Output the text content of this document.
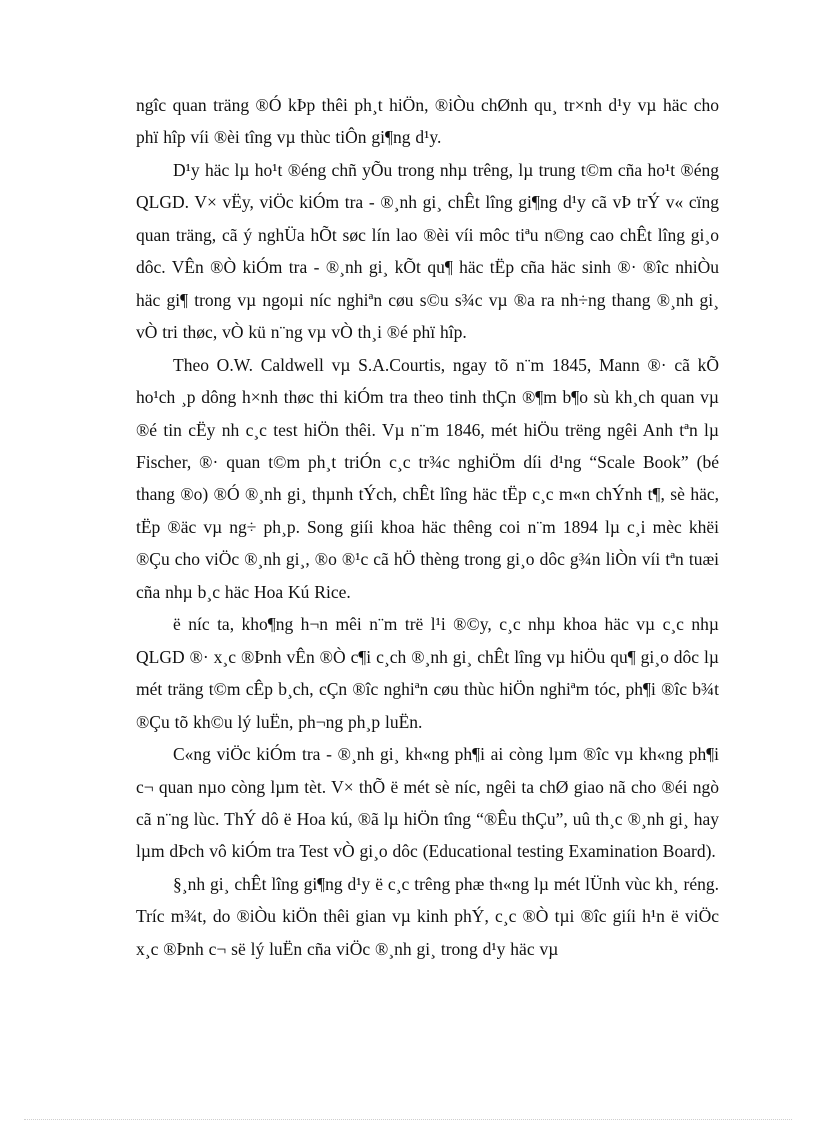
ngîc quan träng ®Ó kÞp thêi ph¸t hiÖn, ®iÒu chØnh qu¸ tr×nh d¹y vµ häc cho phï hîp víi ®èi tîng vµ thùc tiÔn gi¶ng d¹y.

D¹y häc lµ ho¹t ®éng chñ yÕu trong nhµ trêng, lµ trung t©m cña ho¹t ®éng QLGD. V× vËy, viÖc kiÓm tra - ®¸nh gi¸ chÊt lîng gi¶ng d¹y cã vÞ trÝ v« cïng quan träng, cã ý nghÜa hÕt søc lín lao ®èi víi môc tiªu n©ng cao chÊt lîng gi¸o dôc. VÊn ®Ò kiÓm tra - ®¸nh gi¸ kÕt qu¶ häc tËp cña häc sinh ®· ®îc nhiÒu häc gi¶ trong vµ ngoµi níc nghiªn cøu s©u s¾c vµ ®a ra nh÷ng thang ®¸nh gi¸ vÒ tri thøc, vÒ kü n¨ng vµ vÒ th¸i ®é phï hîp.

Theo O.W. Caldwell vµ S.A.Courtis, ngay tõ n¨m 1845, Mann ®· cã kÕ ho¹ch ¸p dông h×nh thøc thi kiÓm tra theo tinh thÇn ®¶m b¶o sù kh¸ch quan vµ ®é tin cËy nh c¸c test hiÖn thêi. Vµ n¨m 1846, mét hiÖu trëng ngêi Anh tªn lµ Fischer, ®· quan t©m ph¸t triÓn c¸c tr¾c nghiÖm díi d¹ng “Scale Book” (bé thang ®o) ®Ó ®¸nh gi¸ thµnh tÝch, chÊt lîng häc tËp c¸c m«n chÝnh t¶, sè häc, tËp ®äc vµ ng÷ ph¸p. Song giíi khoa häc thêng coi n¨m 1894 lµ c¸i mèc khëi ®Çu cho viÖc ®¸nh gi¸, ®o ®¹c cã hÖ thèng trong gi¸o dôc g¾n liÒn víi tªn tuæi cña nhµ b¸c häc Hoa Kú Rice.

ë níc ta, kho¶ng h¬n mêi n¨m trë l¹i ®©y, c¸c nhµ khoa häc vµ c¸c nhµ QLGD ®· x¸c ®Þnh vÊn ®Ò c¶i c¸ch ®¸nh gi¸ chÊt lîng vµ hiÖu qu¶ gi¸o dôc lµ mét träng t©m cÊp b¸ch, cÇn ®îc nghiªn cøu thùc hiÖn nghiªm tóc, ph¶i ®îc b¾t ®Çu tõ kh©u lý luËn, ph¬ng ph¸p luËn.

C«ng viÖc kiÓm tra - ®¸nh gi¸ kh«ng ph¶i ai còng lµm ®îc vµ kh«ng ph¶i c¬ quan nµo còng lµm tèt. V× thÕ ë mét sè níc, ngêi ta chØ giao nã cho ®éi ngò cã n¨ng lùc. ThÝ dô ë Hoa kú, ®ã lµ hiÖn tîng “®Êu thÇu”, uû th¸c ®¸nh gi¸ hay lµm dÞch vô kiÓm tra Test vÒ gi¸o dôc (Educational testing Examination Board).

§¸nh gi¸ chÊt lîng gi¶ng d¹y ë c¸c trêng phæ th«ng lµ mét lÜnh vùc kh¸ réng. Tríc m¾t, do ®iÒu kiÖn thêi gian vµ kinh phÝ, c¸c ®Ò tµi ®îc giíi h¹n ë viÖc x¸c ®Þnh c¬ së lý luËn cña viÖc ®¸nh gi¸ trong d¹y häc vµ
